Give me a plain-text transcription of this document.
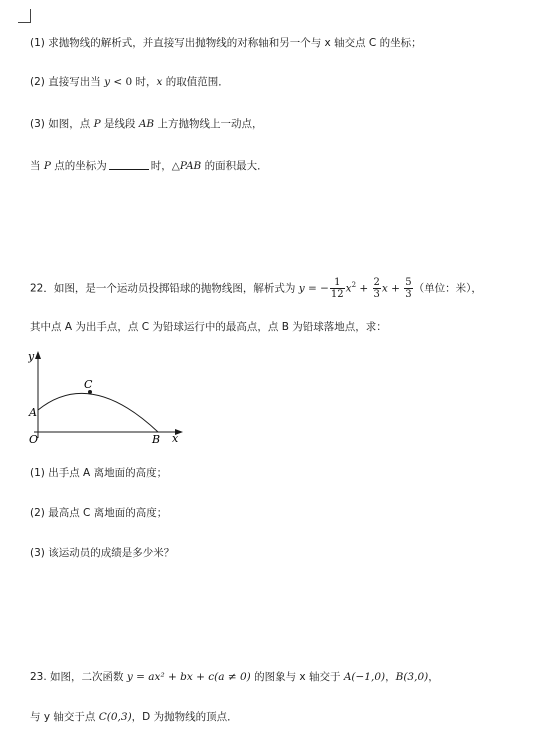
(1) 求抛物线的解析式，并直接写出抛物线的对称轴和另一个与 x 轴交点 C 的坐标；
(2) 直接写出当 y < 0 时，x 的取值范围．
(3) 如图，点 P 是线段 AB 上方抛物线上一动点，
当 P 点的坐标为	时，△PAB 的面积最大．
22．如图，是一个运动员投掷铅球的抛物线图，解析式为 y = − $\frac{1}{12} x^2 + \frac{2}{3}$ $x + \frac{5}{3}$ （单位：米），
其中点 A 为出手点，点 C 为铅球运行中的最高点，点 B 为铅球落地点，求：
y
x
O
A
B
C
(1) 出手点 A 离地面的高度；
(2) 最高点 C 离地面的高度；
(3) 该运动员的成绩是多少米？
23. 如图，二次函数 y = ax² + bx + c(a ≠ 0) 的图象与 x 轴交于 A(−1,0)，B(3,0)，
与 y 轴交于点 C(0,3)，D 为抛物线的顶点．
